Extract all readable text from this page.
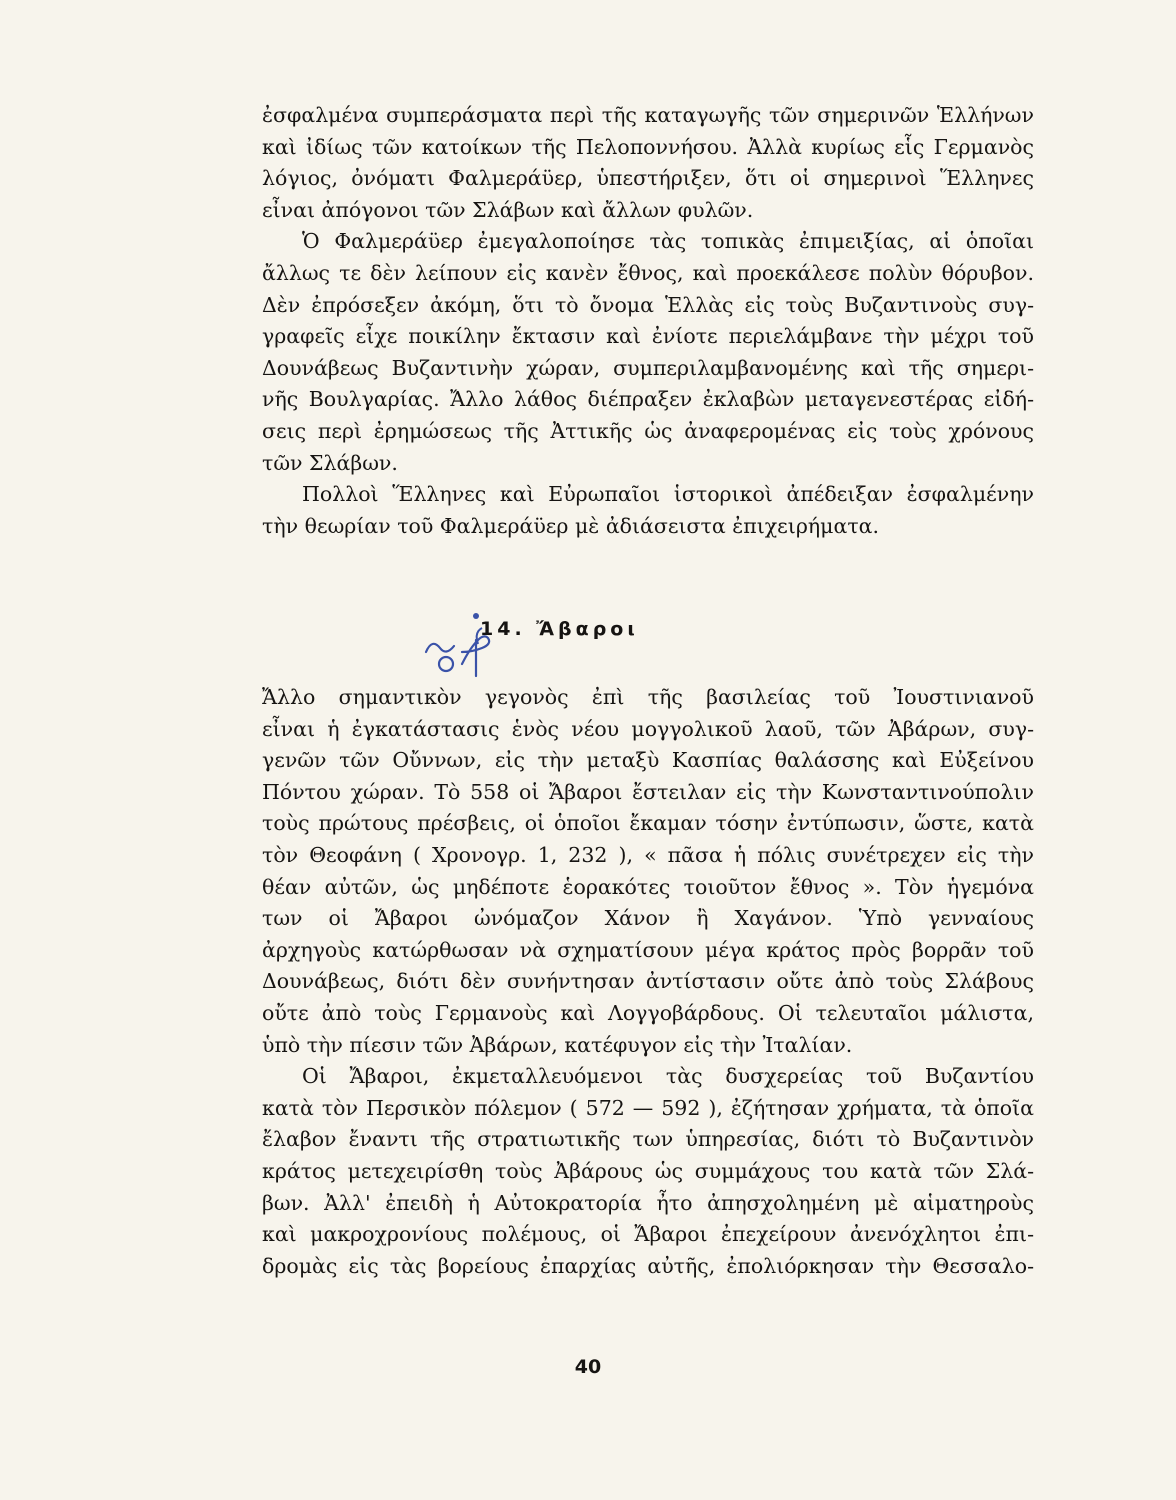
ἐσφαλμένα συμπεράσματα περὶ τῆς καταγωγῆς τῶν σημερινῶν Ἑλλήνων
καὶ ἰδίως τῶν κατοίκων τῆς Πελοποννήσου. Ἀλλὰ κυρίως εἷς Γερμανὸς
λόγιος, ὀνόματι Φαλμεράϋερ, ὑπεστήριξεν, ὅτι οἱ σημερινοὶ Ἕλληνες
εἶναι ἀπόγονοι τῶν Σλάβων καὶ ἄλλων φυλῶν.
Ὁ Φαλμεράϋερ ἐμεγαλοποίησε τὰς τοπικὰς ἐπιμειξίας, αἱ ὁποῖαι
ἄλλως τε δὲν λείπουν εἰς κανὲν ἔθνος, καὶ προεκάλεσε πολὺν θόρυβον.
Δὲν ἐπρόσεξεν ἀκόμη, ὅτι τὸ ὄνομα Ἑλλὰς εἰς τοὺς Βυζαντινοὺς συγ-
γραφεῖς εἶχε ποικίλην ἔκτασιν καὶ ἐνίοτε περιελάμβανε τὴν μέχρι τοῦ
Δουνάβεως Βυζαντινὴν χώραν, συμπεριλαμβανομένης καὶ τῆς σημερι-
νῆς Βουλγαρίας. Ἄλλο λάθος διέπραξεν ἐκλαβὼν μεταγενεστέρας εἰδή-
σεις περὶ ἐρημώσεως τῆς Ἀττικῆς ὡς ἀναφερομένας εἰς τοὺς χρόνους
τῶν Σλάβων.
Πολλοὶ Ἕλληνες καὶ Εὐρωπαῖοι ἱστορικοὶ ἀπέδειξαν ἐσφαλμένην
τὴν θεωρίαν τοῦ Φαλμεράϋερ μὲ ἀδιάσειστα ἐπιχειρήματα.
14. Ἄβαροι
Ἄλλο σημαντικὸν γεγονὸς ἐπὶ τῆς βασιλείας τοῦ Ἰουστινιανοῦ
εἶναι ἡ ἐγκατάστασις ἑνὸς νέου μογγολικοῦ λαοῦ, τῶν Ἀβάρων, συγ-
γενῶν τῶν Οὔννων, εἰς τὴν μεταξὺ Κασπίας θαλάσσης καὶ Εὐξείνου
Πόντου χώραν. Τὸ 558 οἱ Ἄβαροι ἔστειλαν εἰς τὴν Κωνσταντινούπολιν
τοὺς πρώτους πρέσβεις, οἱ ὁποῖοι ἔκαμαν τόσην ἐντύπωσιν, ὥστε, κατὰ
τὸν Θεοφάνη ( Χρονογρ. 1, 232 ), « πᾶσα ἡ πόλις συνέτρεχεν εἰς τὴν
θέαν αὐτῶν, ὡς μηδέποτε ἑορακότες τοιοῦτον ἔθνος ». Τὸν ἡγεμόνα
των οἱ Ἄβαροι ὠνόμαζον Χάνον ἢ Χαγάνον. Ὑπὸ γενναίους
ἀρχηγοὺς κατώρθωσαν νὰ σχηματίσουν μέγα κράτος πρὸς βορρᾶν τοῦ
Δουνάβεως, διότι δὲν συνήντησαν ἀντίστασιν οὔτε ἀπὸ τοὺς Σλάβους
οὔτε ἀπὸ τοὺς Γερμανοὺς καὶ Λογγοβάρδους. Οἱ τελευταῖοι μάλιστα,
ὑπὸ τὴν πίεσιν τῶν Ἀβάρων, κατέφυγον εἰς τὴν Ἰταλίαν.
Οἱ Ἄβαροι, ἐκμεταλλευόμενοι τὰς δυσχερείας τοῦ Βυζαντίου
κατὰ τὸν Περσικὸν πόλεμον ( 572 — 592 ), ἐζήτησαν χρήματα, τὰ ὁποῖα
ἔλαβον ἔναντι τῆς στρατιωτικῆς των ὑπηρεσίας, διότι τὸ Βυζαντινὸν
κράτος μετεχειρίσθη τοὺς Ἀβάρους ὡς συμμάχους του κατὰ τῶν Σλά-
βων. Ἀλλ' ἐπειδὴ ἡ Αὐτοκρατορία ἦτο ἀπησχολημένη μὲ αἱματηροὺς
καὶ μακροχρονίους πολέμους, οἱ Ἄβαροι ἐπεχείρουν ἀνενόχλητοι ἐπι-
δρομὰς εἰς τὰς βορείους ἐπαρχίας αὐτῆς, ἐπολιόρκησαν τὴν Θεσσαλο-
40
